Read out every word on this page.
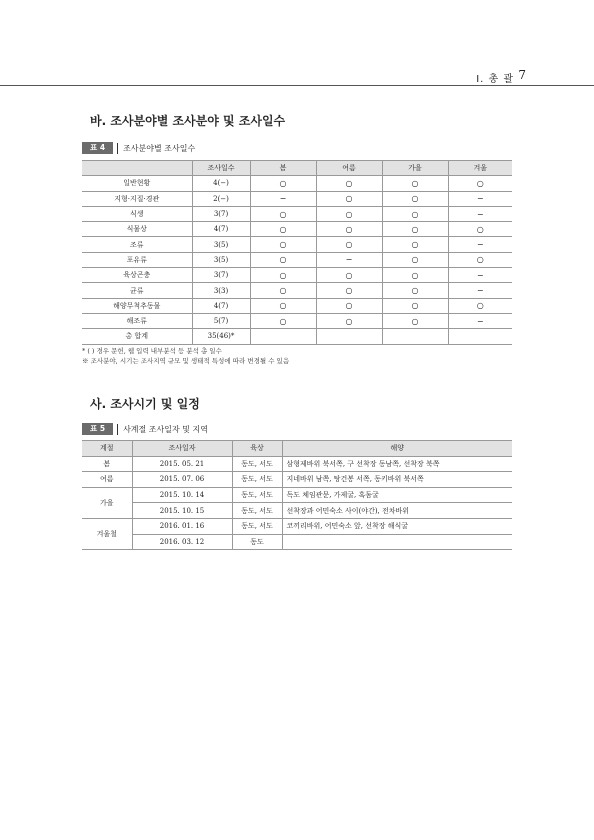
Ⅰ. 총 괄 7
바. 조사분야별 조사분야 및 조사일수
표 4	조사분야별 조사일수
	조사일수	봄	여름	가을	겨울
일반현황	4(−)	○	○	○	○
지형·지질·경관	2(−)	−	○	○	−
식생	3(7)	○	○	○	−
식물상	4(7)	○	○	○	○
조류	3(5)	○	○	○	−
포유류	3(5)	○	−	○	○
육상곤충	3(7)	○	○	○	−
균류	3(3)	○	○	○	−
해양무척추동물	4(7)	○	○	○	○
해조류	5(7)	○	○	○	−
총 합계	35(46)*				
* ( ) 경우 문헌, 웹 입력 내부분석 등 분석 총 일수
※ 조사분야, 시기는 조사지역 규모 및 생태적 특성에 따라 변경될 수 있음
사. 조사시기 및 일정
표 5	사계절 조사일자 및 지역
계절	조사일자	육상	해양
봄	2015. 05. 21	동도, 서도	삼형제바위 북서쪽, 구 선착장 동남쪽, 선착장 북쪽
여름	2015. 07. 06	동도, 서도	지네바위 남쪽, 탕건봉 서쪽, 동키바위 북서쪽
가을	2015. 10. 14	동도, 서도	독도 체임관문, 가제굴, 혹돔굴
	2015. 10. 15	동도, 서도	선착장과 어민숙소 사이(야간), 전차바위
겨울철	2016. 01. 16	동도, 서도	코끼리바위, 어민숙소 앞, 선착장 해식굴
	2016. 03. 12	동도	
